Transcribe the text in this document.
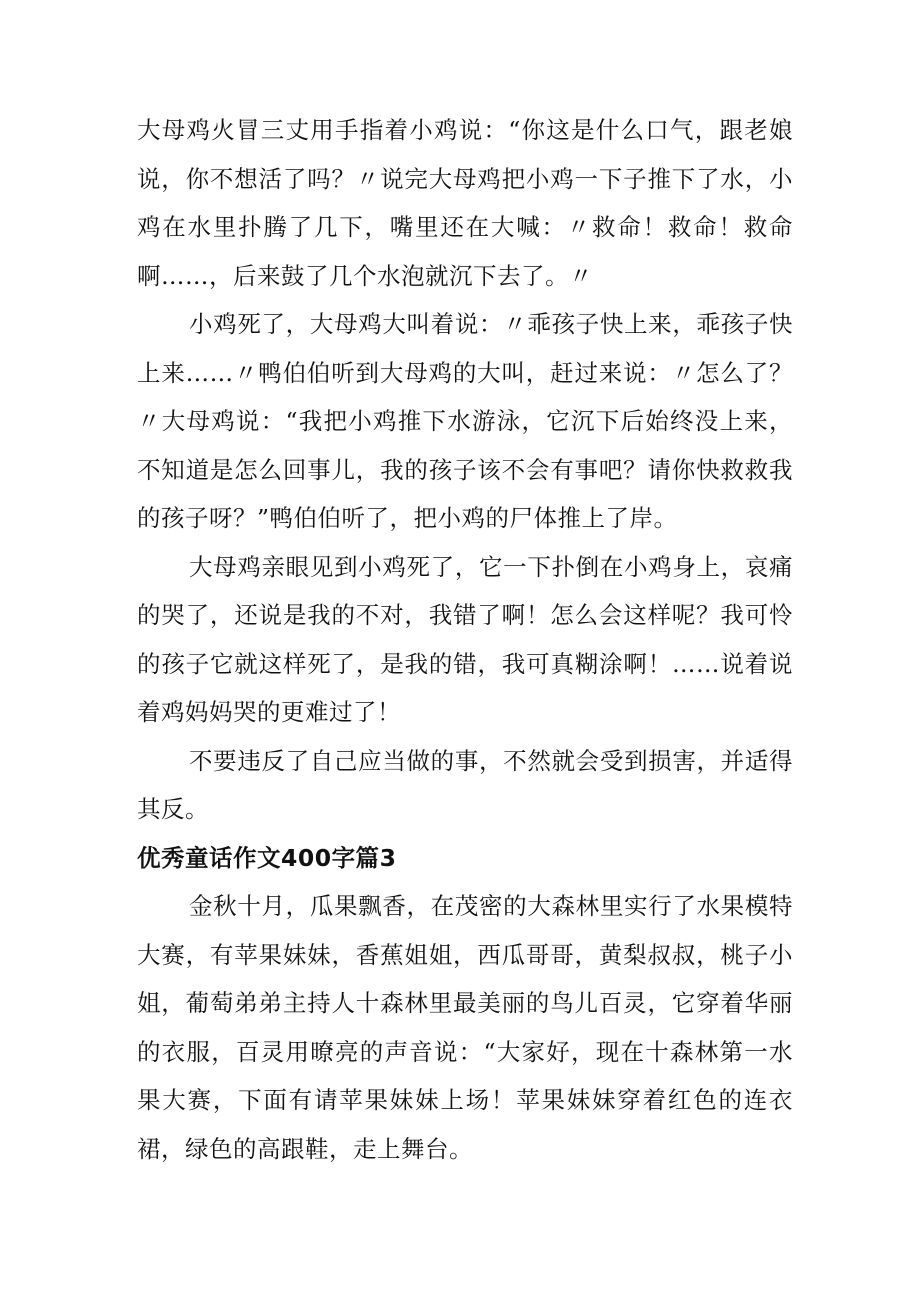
大母鸡火冒三丈用手指着小鸡说：“你这是什么口气，跟老娘说，你不想活了吗？〃说完大母鸡把小鸡一下子推下了水，小鸡在水里扑腾了几下，嘴里还在大喊：〃救命！救命！救命啊……，后来鼓了几个水泡就沉下去了。〃

小鸡死了，大母鸡大叫着说：〃乖孩子快上来，乖孩子快上来……〃鸭伯伯听到大母鸡的大叫，赶过来说：〃怎么了？〃大母鸡说：“我把小鸡推下水游泳，它沉下后始终没上来，不知道是怎么回事儿，我的孩子该不会有事吧？请你快救救我的孩子呀？”鸭伯伯听了，把小鸡的尸体推上了岸。

大母鸡亲眼见到小鸡死了，它一下扑倒在小鸡身上，哀痛的哭了，还说是我的不对，我错了啊！怎么会这样呢？我可怜的孩子它就这样死了，是我的错，我可真糊涂啊！……说着说着鸡妈妈哭的更难过了！

不要违反了自己应当做的事，不然就会受到损害，并适得其反。

优秀童话作文400字篇3

金秋十月，瓜果飘香，在茂密的大森林里实行了水果模特大赛，有苹果妹妹，香蕉姐姐，西瓜哥哥，黄梨叔叔，桃子小姐，葡萄弟弟主持人十森林里最美丽的鸟儿百灵，它穿着华丽的衣服，百灵用暸亮的声音说：“大家好，现在十森林第一水果大赛，下面有请苹果妹妹上场！苹果妹妹穿着红色的连衣裙，绿色的高跟鞋，走上舞台。
